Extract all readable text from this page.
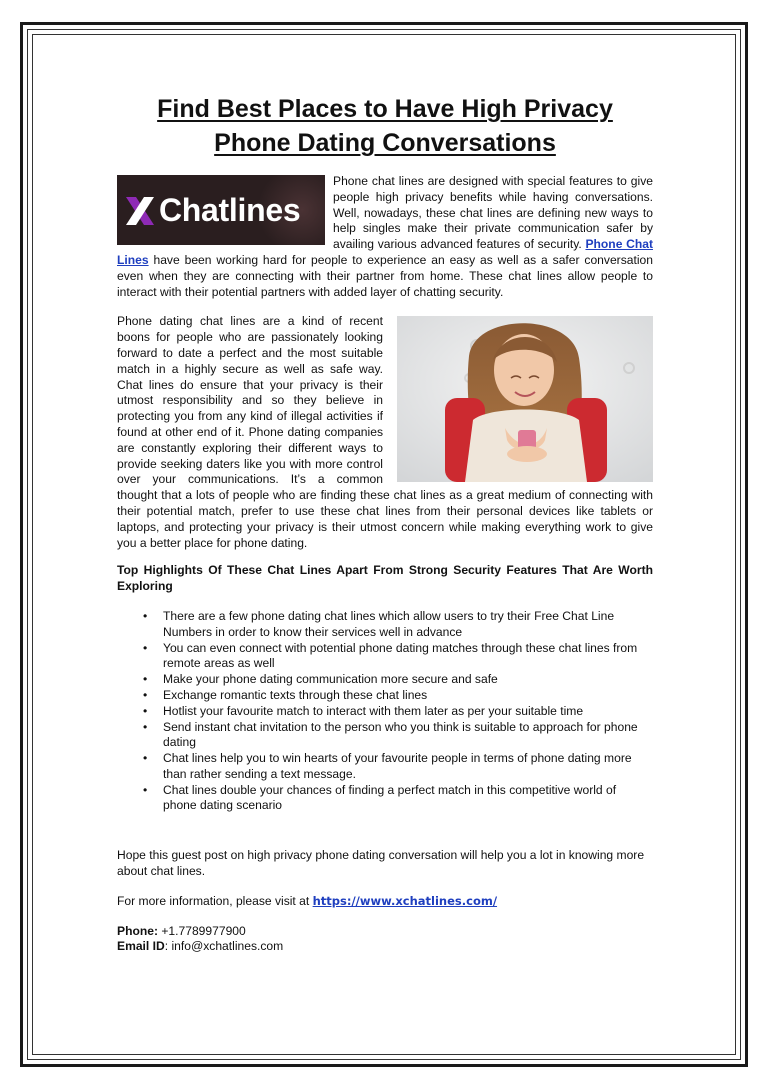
Find Best Places to Have High Privacy
Phone Dating Conversations
Chatlines
Phone chat lines are designed with special features to give people high privacy benefits while having conversations. Well, nowadays, these chat lines are defining new ways to help singles make their private communication safer by availing various advanced features of security. Phone Chat Lines have been working hard for people to experience an easy as well as a safer conversation even when they are connecting with their partner from home. These chat lines allow people to interact with their potential partners with added layer of chatting security.
Phone dating chat lines are a kind of recent boons for people who are passionately looking forward to date a perfect and the most suitable match in a highly secure as well as safe way. Chat lines do ensure that your privacy is their utmost responsibility and so they believe in protecting you from any kind of illegal activities if found at other end of it. Phone dating companies are constantly exploring their different ways to provide seeking daters like you with more control over your communications. It’s a common thought that a lots of people who are finding these chat lines as a great medium of connecting with their potential match, prefer to use these chat lines from their personal devices like tablets or laptops, and protecting your privacy is their utmost concern while making everything work to give you a better place for phone dating.
Top Highlights Of These Chat Lines Apart From Strong Security Features That Are Worth Exploring
• There are a few phone dating chat lines which allow users to try their Free Chat Line Numbers in order to know their services well in advance
• You can even connect with potential phone dating matches through these chat lines from remote areas as well
• Make your phone dating communication more secure and safe
• Exchange romantic texts through these chat lines
• Hotlist your favourite match to interact with them later as per your suitable time
• Send instant chat invitation to the person who you think is suitable to approach for phone dating
• Chat lines help you to win hearts of your favourite people in terms of phone dating more than rather sending a text message.
• Chat lines double your chances of finding a perfect match in this competitive world of phone dating scenario
Hope this guest post on high privacy phone dating conversation will help you a lot in knowing more about chat lines.
For more information, please visit at https://www.xchatlines.com/
Phone: +1.7789977900
Email ID: info@xchatlines.com
